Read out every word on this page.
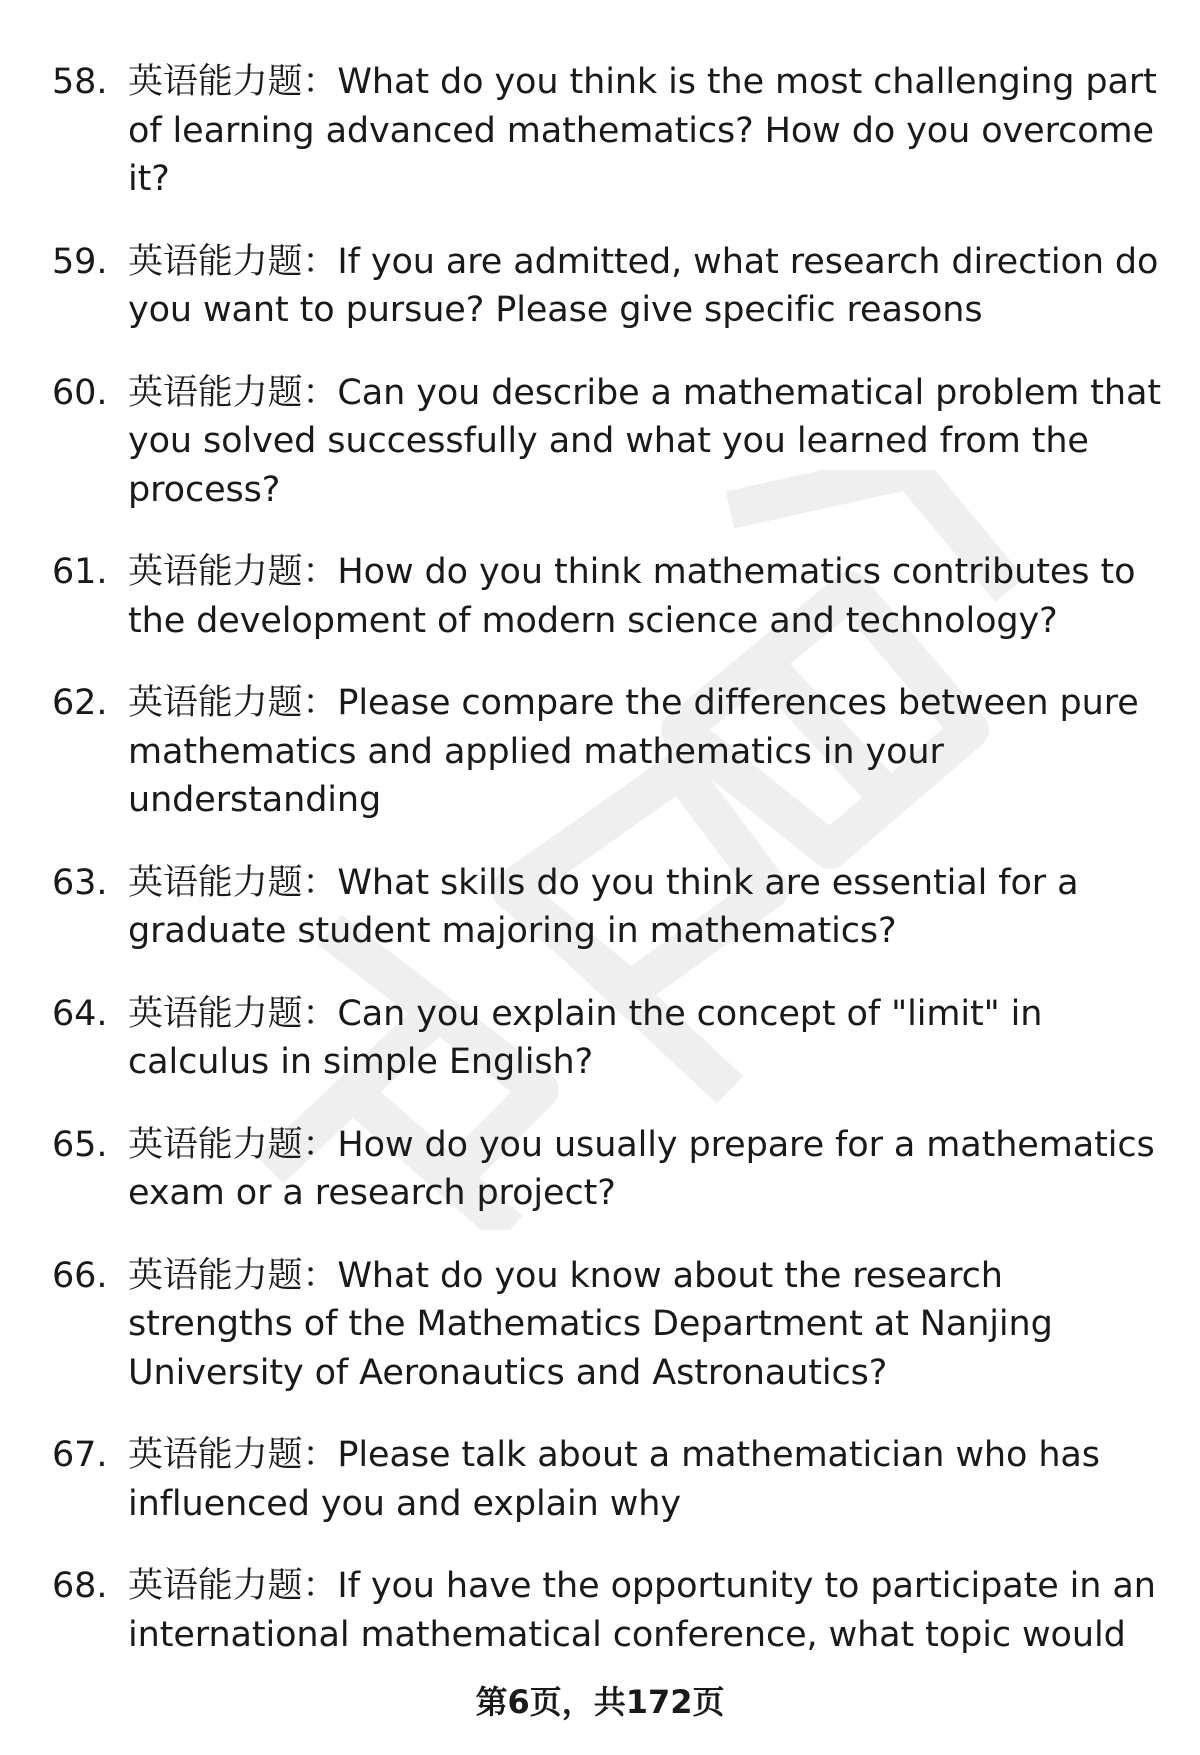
58. 英语能力题：What do you think is the most challenging part of learning advanced mathematics? How do you overcome it?
59. 英语能力题：If you are admitted, what research direction do you want to pursue? Please give specific reasons
60. 英语能力题：Can you describe a mathematical problem that you solved successfully and what you learned from the process?
61. 英语能力题：How do you think mathematics contributes to the development of modern science and technology?
62. 英语能力题：Please compare the differences between pure mathematics and applied mathematics in your understanding
63. 英语能力题：What skills do you think are essential for a graduate student majoring in mathematics?
64. 英语能力题：Can you explain the concept of "limit" in calculus in simple English?
65. 英语能力题：How do you usually prepare for a mathematics exam or a research project?
66. 英语能力题：What do you know about the research strengths of the Mathematics Department at Nanjing University of Aeronautics and Astronautics?
67. 英语能力题：Please talk about a mathematician who has influenced you and explain why
68. 英语能力题：If you have the opportunity to participate in an international mathematical conference, what topic would
第6页，共172页
